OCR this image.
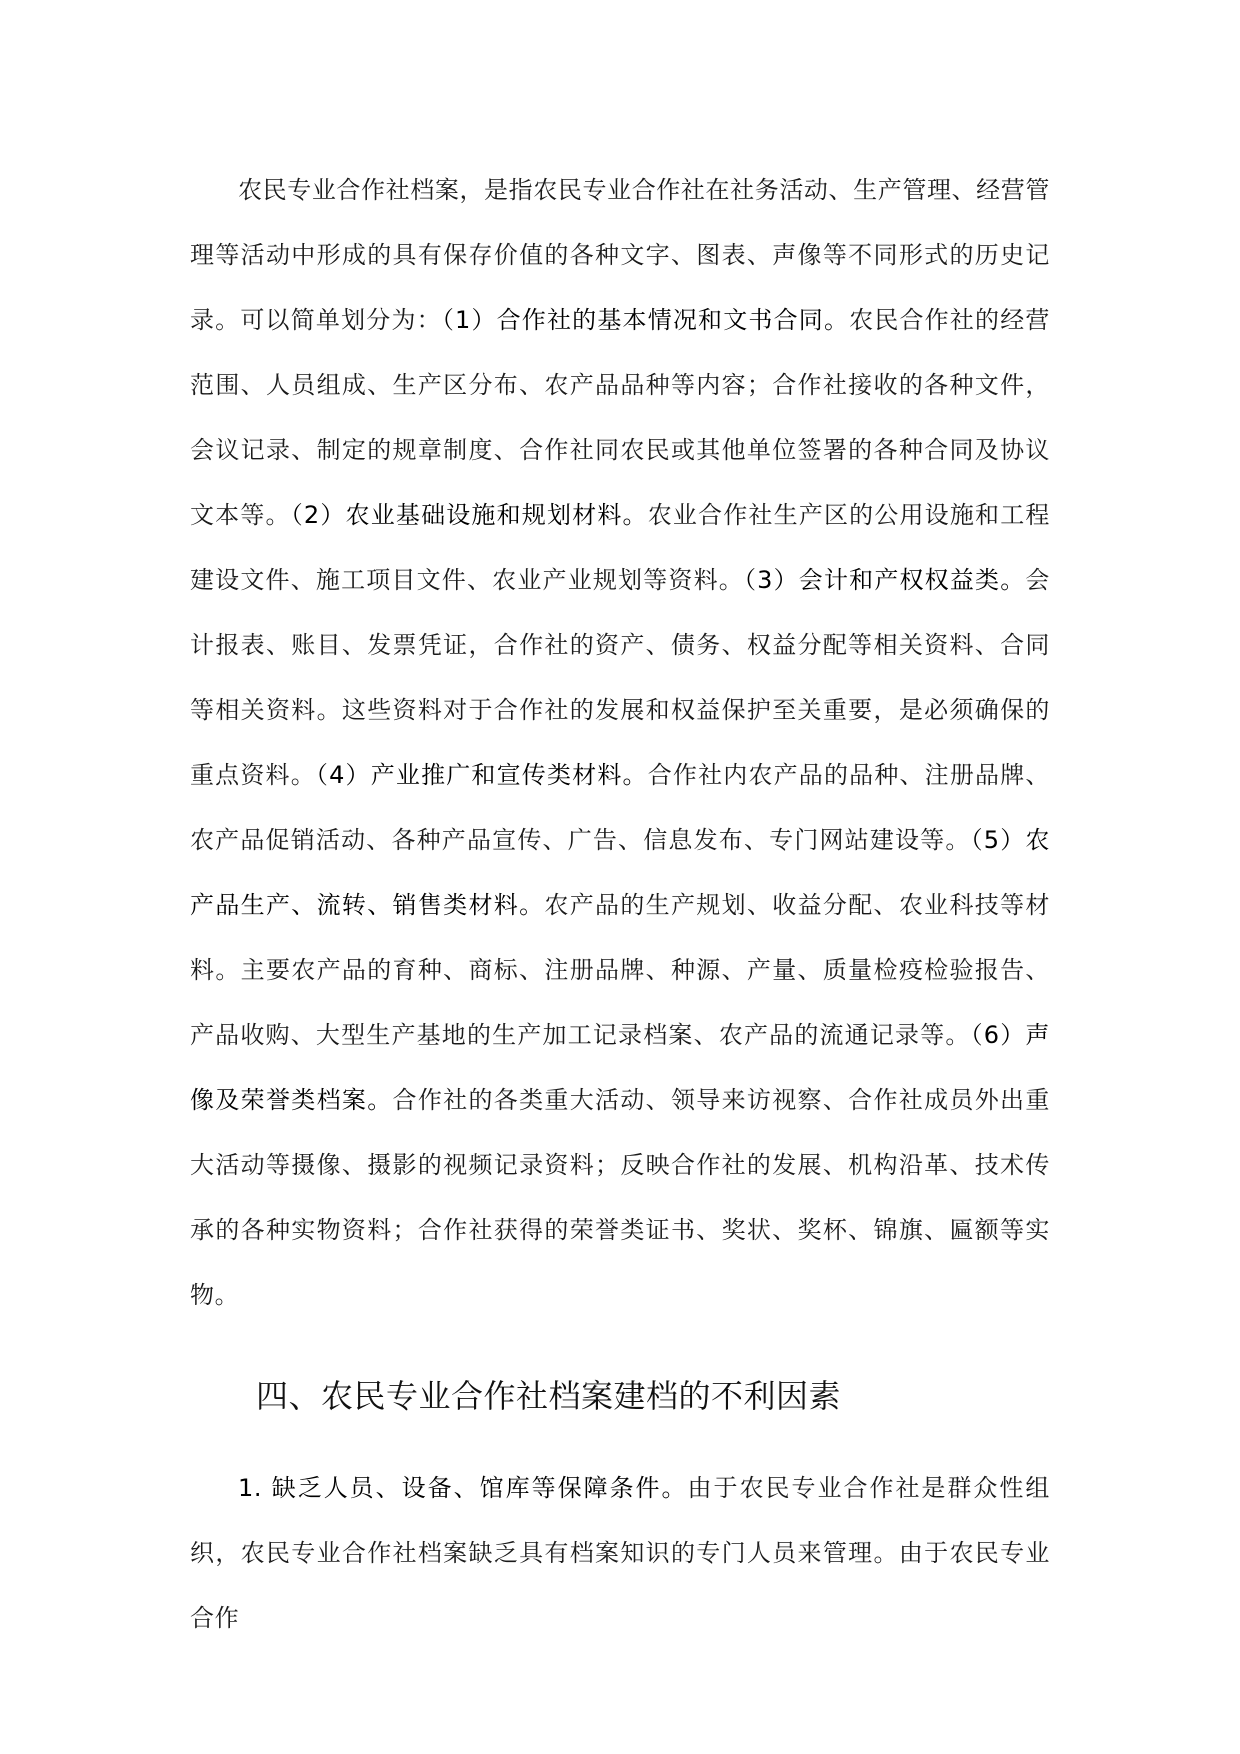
农民专业合作社档案，是指农民专业合作社在社务活动、生产管理、经营管理等活动中形成的具有保存价值的各种文字、图表、声像等不同形式的历史记录。可以简单划分为：（1）合作社的基本情况和文书合同。农民合作社的经营范围、人员组成、生产区分布、农产品品种等内容；合作社接收的各种文件，会议记录、制定的规章制度、合作社同农民或其他单位签署的各种合同及协议文本等。（2）农业基础设施和规划材料。农业合作社生产区的公用设施和工程建设文件、施工项目文件、农业产业规划等资料。（3）会计和产权权益类。会计报表、账目、发票凭证，合作社的资产、债务、权益分配等相关资料、合同等相关资料。这些资料对于合作社的发展和权益保护至关重要，是必须确保的重点资料。（4）产业推广和宣传类材料。合作社内农产品的品种、注册品牌、农产品促销活动、各种产品宣传、广告、信息发布、专门网站建设等。（5）农产品生产、流转、销售类材料。农产品的生产规划、收益分配、农业科技等材料。主要农产品的育种、商标、注册品牌、种源、产量、质量检疫检验报告、产品收购、大型生产基地的生产加工记录档案、农产品的流通记录等。（6）声像及荣誉类档案。合作社的各类重大活动、领导来访视察、合作社成员外出重大活动等摄像、摄影的视频记录资料；反映合作社的发展、机构沿革、技术传承的各种实物资料；合作社获得的荣誉类证书、奖状、奖杯、锦旗、匾额等实物。

四、农民专业合作社档案建档的不利因素

1. 缺乏人员、设备、馆库等保障条件。由于农民专业合作社是群众性组织，农民专业合作社档案缺乏具有档案知识的专门人员来管理。由于农民专业合作
